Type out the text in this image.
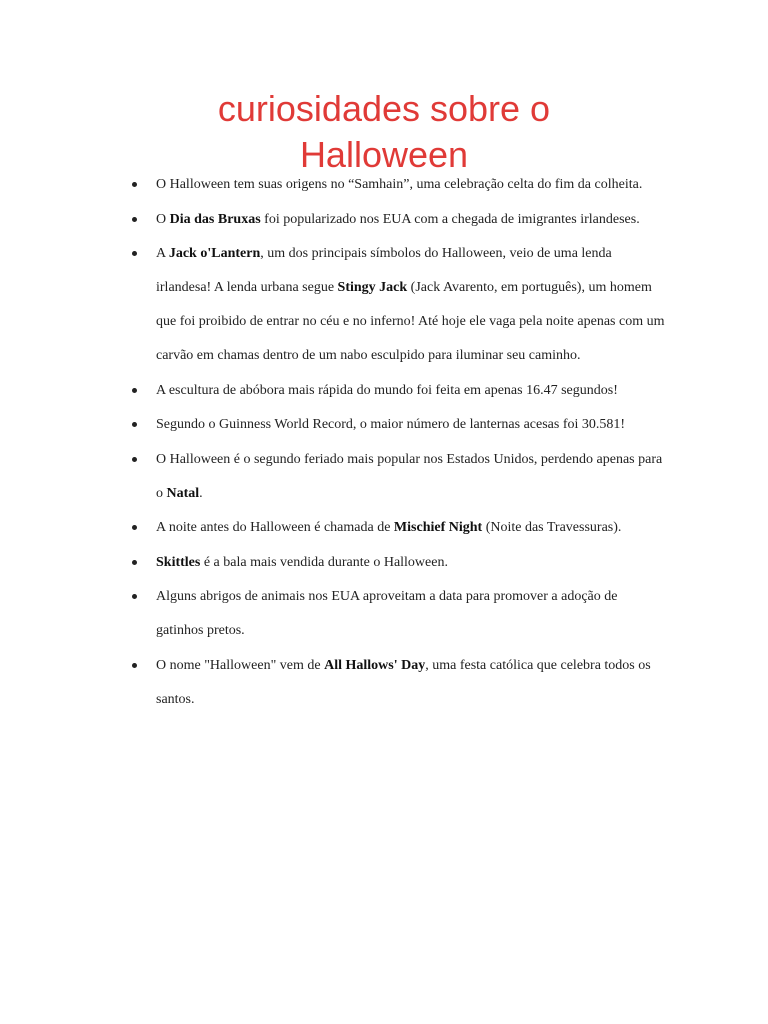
curiosidades sobre o
Halloween
O Halloween tem suas origens no “Samhain”, uma celebração celta do fim da colheita.
O Dia das Bruxas foi popularizado nos EUA com a chegada de imigrantes irlandeses.
A Jack o'Lantern, um dos principais símbolos do Halloween, veio de uma lenda irlandesa! A lenda urbana segue Stingy Jack (Jack Avarento, em português), um homem que foi proibido de entrar no céu e no inferno! Até hoje ele vaga pela noite apenas com um carvão em chamas dentro de um nabo esculpido para iluminar seu caminho.
A escultura de abóbora mais rápida do mundo foi feita em apenas 16.47 segundos!
Segundo o Guinness World Record, o maior número de lanternas acesas foi 30.581!
O Halloween é o segundo feriado mais popular nos Estados Unidos, perdendo apenas para o Natal.
A noite antes do Halloween é chamada de Mischief Night (Noite das Travessuras).
Skittles é a bala mais vendida durante o Halloween.
Alguns abrigos de animais nos EUA aproveitam a data para promover a adoção de gatinhos pretos.
O nome "Halloween" vem de All Hallows' Day, uma festa católica que celebra todos os santos.
